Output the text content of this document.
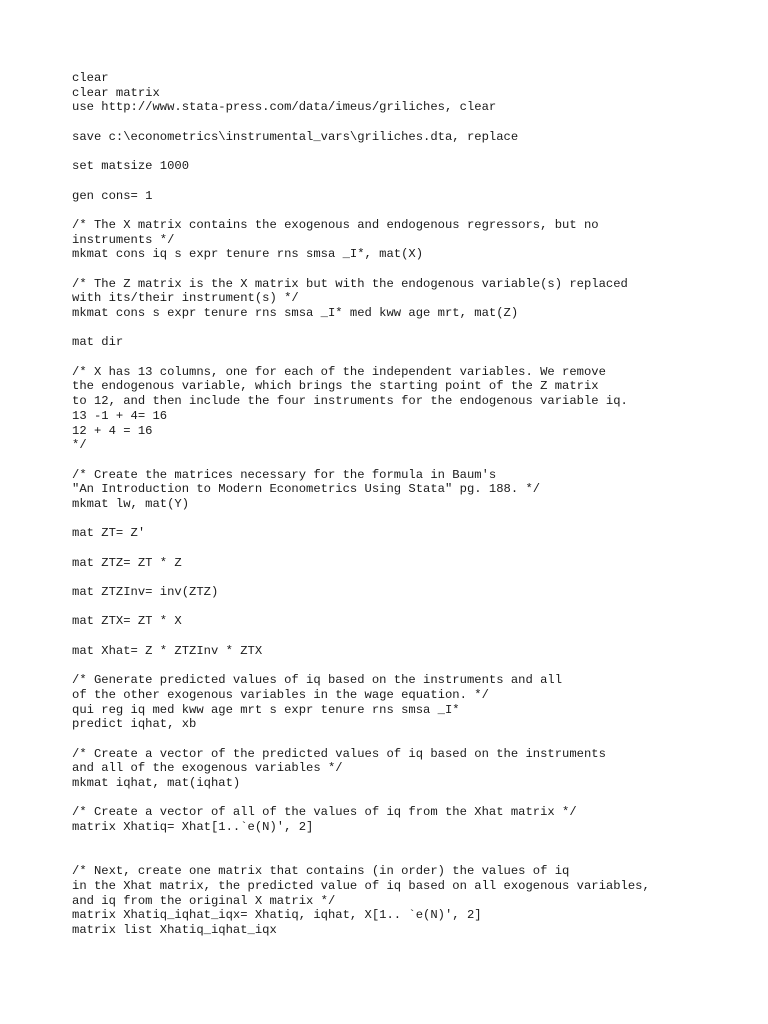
clear
clear matrix
use http://www.stata-press.com/data/imeus/griliches, clear
save c:\econometrics\instrumental_vars\griliches.dta, replace
set matsize 1000
gen cons= 1
/* The X matrix contains the exogenous and endogenous regressors, but no
instruments */
mkmat cons iq s expr tenure rns smsa _I*, mat(X)
/* The Z matrix is the X matrix but with the endogenous variable(s) replaced
with its/their instrument(s) */
mkmat cons s expr tenure rns smsa _I* med kww age mrt, mat(Z)
mat dir
/* X has 13 columns, one for each of the independent variables. We remove
the endogenous variable, which brings the starting point of the Z matrix
to 12, and then include the four instruments for the endogenous variable iq.
13 -1 + 4= 16
12 + 4 = 16
*/
/* Create the matrices necessary for the formula in Baum's
"An Introduction to Modern Econometrics Using Stata" pg. 188. */
mkmat lw, mat(Y)
mat ZT= Z'
mat ZTZ= ZT * Z
mat ZTZInv= inv(ZTZ)
mat ZTX= ZT * X
mat Xhat= Z * ZTZInv * ZTX
/* Generate predicted values of iq based on the instruments and all
of the other exogenous variables in the wage equation. */
qui reg iq med kww age mrt s expr tenure rns smsa _I*
predict iqhat, xb
/* Create a vector of the predicted values of iq based on the instruments
and all of the exogenous variables */
mkmat iqhat, mat(iqhat)
/* Create a vector of all of the values of iq from the Xhat matrix */
matrix Xhatiq= Xhat[1..`e(N)', 2]
/* Next, create one matrix that contains (in order) the values of iq
in the Xhat matrix, the predicted value of iq based on all exogenous variables,
and iq from the original X matrix */
matrix Xhatiq_iqhat_iqx= Xhatiq, iqhat, X[1.. `e(N)', 2]
matrix list Xhatiq_iqhat_iqx
